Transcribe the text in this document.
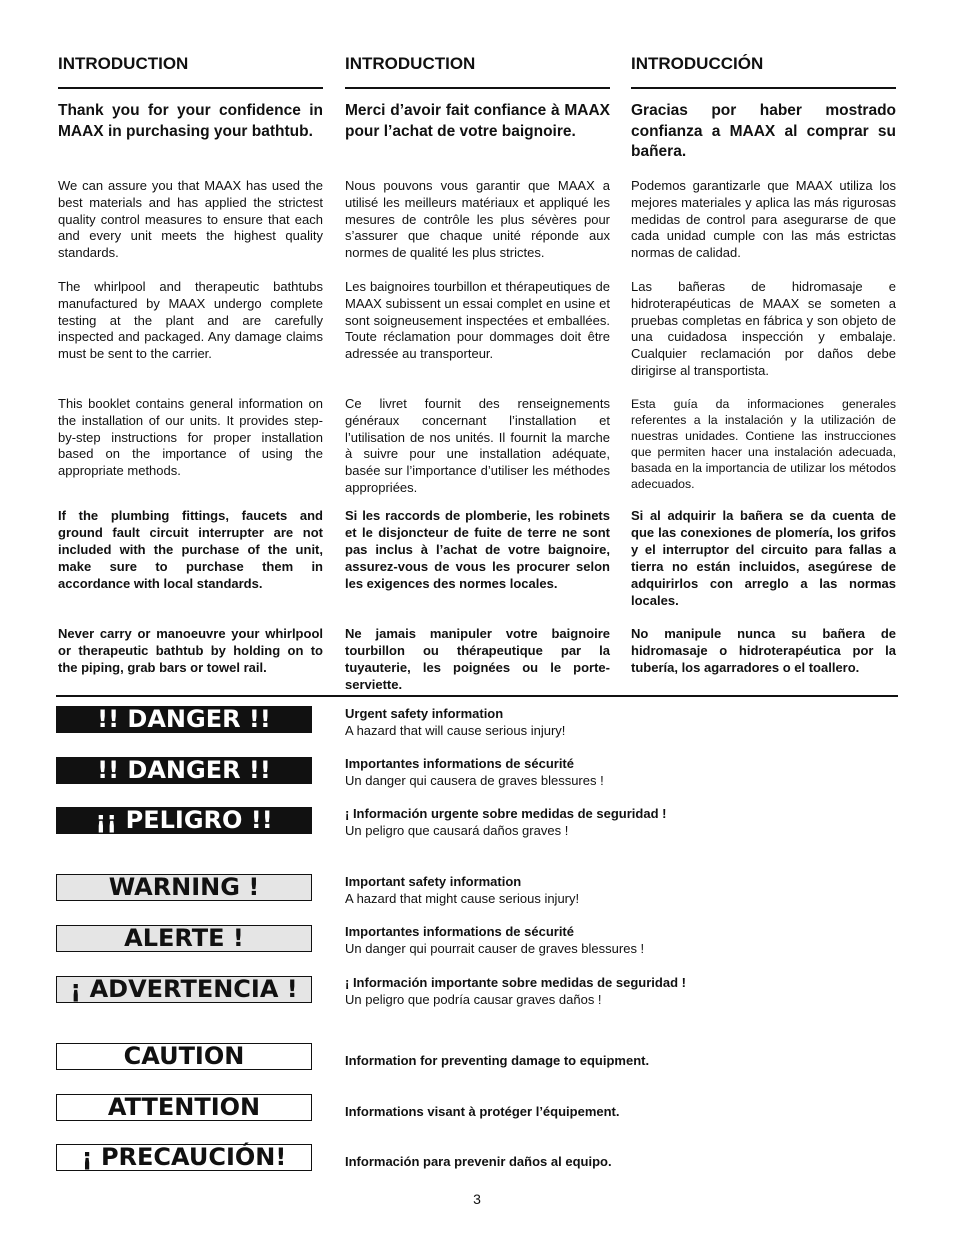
INTRODUCTION
Thank you for your confidence in MAAX in purchasing your bathtub.
We can assure you that MAAX has used the best materials and has applied the strictest quality control measures to ensure that each and every unit meets the highest quality standards.
The whirlpool and therapeutic bathtubs manufactured by MAAX undergo complete testing at the plant and are carefully inspected and packaged. Any damage claims must be sent to the carrier.
This booklet contains general information on the installation of our units. It provides step-by-step instructions for proper installation based on the importance of using the appropriate methods.
If the plumbing fittings, faucets and ground fault circuit interrupter are not included with the purchase of the unit, make sure to purchase them in accordance with local standards.
Never carry or manoeuvre your whirlpool or therapeutic bathtub by holding on to the piping, grab bars or towel rail.
INTRODUCTION
Merci d’avoir fait confiance à MAAX pour l’achat de votre baignoire.
Nous pouvons vous garantir que MAAX a utilisé les meilleurs matériaux et appliqué les mesures de contrôle les plus sévères pour s’assurer que chaque unité réponde aux normes de qualité les plus strictes.
Les baignoires tourbillon et thérapeutiques de MAAX subissent un essai complet en usine et sont soigneusement inspectées et emballées. Toute réclamation pour dommages doit être adressée au transporteur.
Ce livret fournit des renseignements généraux concernant l’installation et l’utilisation de nos unités. Il fournit la marche à suivre pour une installation adéquate, basée sur l’importance d’utiliser les méthodes appropriées.
Si les raccords de plomberie, les robinets et le disjoncteur de fuite de terre ne sont pas inclus à l’achat de votre baignoire, assurez-vous de vous les procurer selon les exigences des normes locales.
Ne jamais manipuler votre baignoire tourbillon ou thérapeutique par la tuyauterie, les poignées ou le porte-serviette.
INTRODUCCIÓN
Gracias por haber mostrado confianza a MAAX al comprar su bañera.
Podemos garantizarle que MAAX utiliza los mejores materiales y aplica las más rigurosas medidas de control para asegurarse de que cada unidad cumple con las más estrictas normas de calidad.
Las bañeras de hidromasaje e hidroterapéuticas de MAAX se someten a pruebas completas en fábrica y son objeto de una cuidadosa inspección y embalaje. Cualquier reclamación por daños debe dirigirse al transportista.
Esta guía da informaciones generales referentes a la instalación y la utilización de nuestras unidades. Contiene las instrucciones que permiten hacer una instalación adecuada, basada en la importancia de utilizar los métodos adecuados.
Si al adquirir la bañera se da cuenta de que las conexiones de plomería, los grifos y el interruptor del circuito para fallas a tierra no están incluidos, asegúrese de adquirirlos con arreglo a las normas locales.
No manipule nunca su bañera de hidromasaje o hidroterapéutica por la tubería, los agarradores o el toallero.
!! DANGER !!	Urgent safety information
A hazard that will cause serious injury!
!! DANGER !!	Importantes informations de sécurité
Un danger qui causera de graves blessures !
¡¡ PELIGRO !!	¡ Información urgente sobre medidas de seguridad !
Un peligro que causará daños graves !
WARNING !	Important safety information
A hazard that might cause serious injury!
ALERTE !	Importantes informations de sécurité
Un danger qui pourrait causer de graves blessures !
¡ ADVERTENCIA !	¡ Información importante sobre medidas de seguridad !
Un peligro que podría causar graves daños !
CAUTION	Information for preventing damage to equipment.
ATTENTION	Informations visant à protéger l’équipement.
¡ PRECAUCIÓN!	Información para prevenir daños al equipo.
3
